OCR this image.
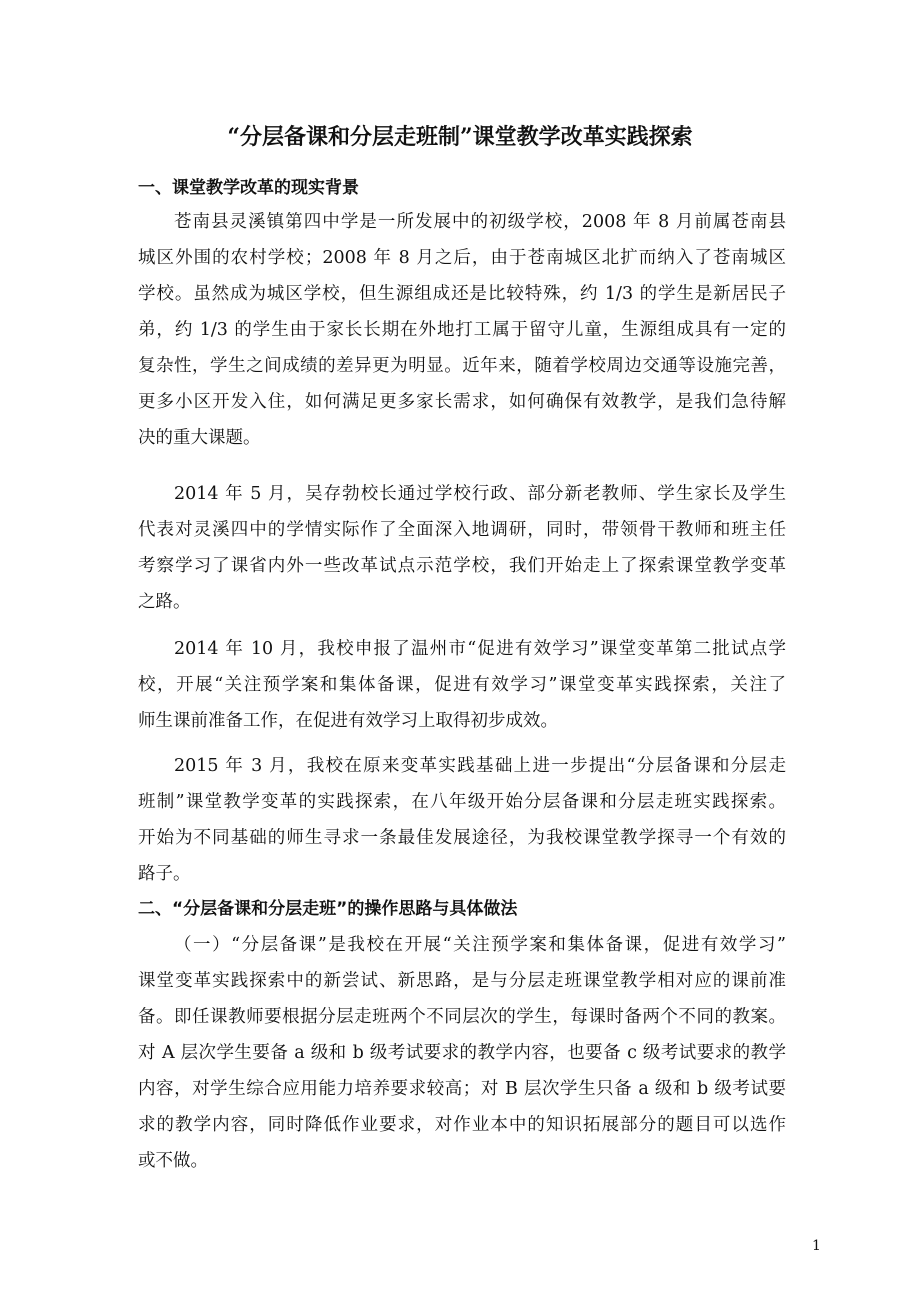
“分层备课和分层走班制”课堂教学改革实践探索
一、课堂教学改革的现实背景
苍南县灵溪镇第四中学是一所发展中的初级学校，2008 年 8 月前属苍南县
城区外围的农村学校；2008 年 8 月之后，由于苍南城区北扩而纳入了苍南城区
学校。虽然成为城区学校，但生源组成还是比较特殊，约 1/3 的学生是新居民子
弟，约 1/3 的学生由于家长长期在外地打工属于留守儿童，生源组成具有一定的
复杂性，学生之间成绩的差异更为明显。近年来，随着学校周边交通等设施完善，
更多小区开发入住，如何满足更多家长需求，如何确保有效教学，是我们急待解
决的重大课题。
2014 年 5 月，吴存勃校长通过学校行政、部分新老教师、学生家长及学生
代表对灵溪四中的学情实际作了全面深入地调研，同时，带领骨干教师和班主任
考察学习了课省内外一些改革试点示范学校，我们开始走上了探索课堂教学变革
之路。
2014 年 10 月，我校申报了温州市“促进有效学习”课堂变革第二批试点学
校，开展“关注预学案和集体备课，促进有效学习”课堂变革实践探索，关注了
师生课前准备工作，在促进有效学习上取得初步成效。
2015 年 3 月，我校在原来变革实践基础上进一步提出“分层备课和分层走
班制”课堂教学变革的实践探索，在八年级开始分层备课和分层走班实践探索。
开始为不同基础的师生寻求一条最佳发展途径，为我校课堂教学探寻一个有效的
路子。
二、“分层备课和分层走班”的操作思路与具体做法
（一）“分层备课”是我校在开展“关注预学案和集体备课，促进有效学习”
课堂变革实践探索中的新尝试、新思路，是与分层走班课堂教学相对应的课前准
备。即任课教师要根据分层走班两个不同层次的学生，每课时备两个不同的教案。
对 A 层次学生要备 a 级和 b 级考试要求的教学内容，也要备 c 级考试要求的教学
内容，对学生综合应用能力培养要求较高；对 B 层次学生只备 a 级和 b 级考试要
求的教学内容，同时降低作业要求，对作业本中的知识拓展部分的题目可以选作
或不做。
1
